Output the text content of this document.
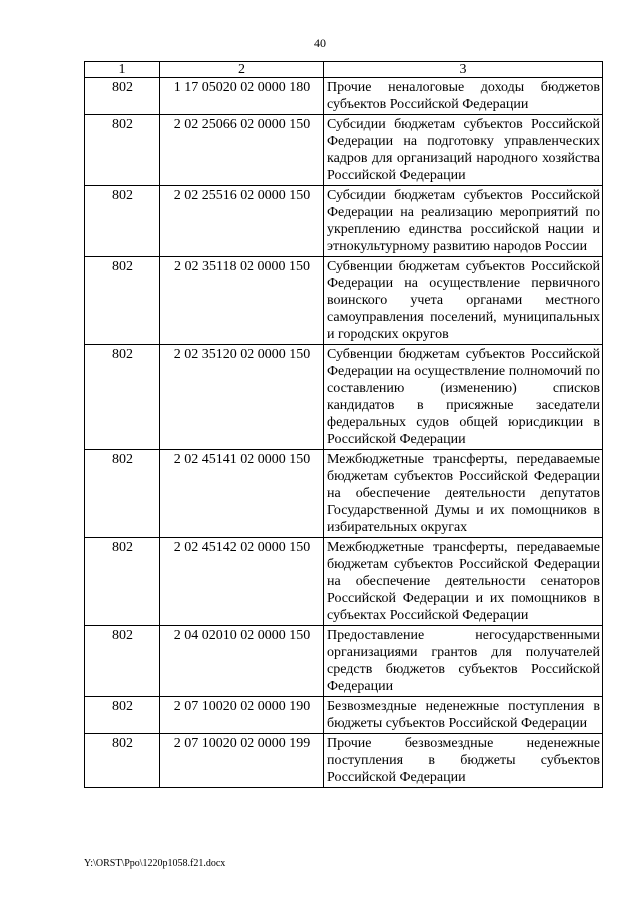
40
1	2	3
802	1 17 05020 02 0000 180	Прочие неналоговые доходы бюджетов субъектов Российской Федерации
802	2 02 25066 02 0000 150	Субсидии бюджетам субъектов Российской Федерации на подготовку управленческих кадров для организаций народного хозяйства Российской Федерации
802	2 02 25516 02 0000 150	Субсидии бюджетам субъектов Российской Федерации на реализацию мероприятий по укреплению единства российской нации и этнокультурному развитию народов России
802	2 02 35118 02 0000 150	Субвенции бюджетам субъектов Российской Федерации на осуществление первичного воинского учета органами местного самоуправления поселений, муниципальных и городских округов
802	2 02 35120 02 0000 150	Субвенции бюджетам субъектов Российской Федерации на осуществление полномочий по составлению (изменению) списков кандидатов в присяжные заседатели федеральных судов общей юрисдикции в Российской Федерации
802	2 02 45141 02 0000 150	Межбюджетные трансферты, передаваемые бюджетам субъектов Российской Федерации на обеспечение деятельности депутатов Государственной Думы и их помощников в избирательных округах
802	2 02 45142 02 0000 150	Межбюджетные трансферты, передаваемые бюджетам субъектов Российской Федерации на обеспечение деятельности сенаторов Российской Федерации и их помощников в субъектах Российской Федерации
802	2 04 02010 02 0000 150	Предоставление негосударственными организациями грантов для получателей средств бюджетов субъектов Российской Федерации
802	2 07 10020 02 0000 190	Безвозмездные неденежные поступления в бюджеты субъектов Российской Федерации
802	2 07 10020 02 0000 199	Прочие безвозмездные неденежные поступления в бюджеты субъектов Российской Федерации
Y:\ORST\Ppo\1220p1058.f21.docx
